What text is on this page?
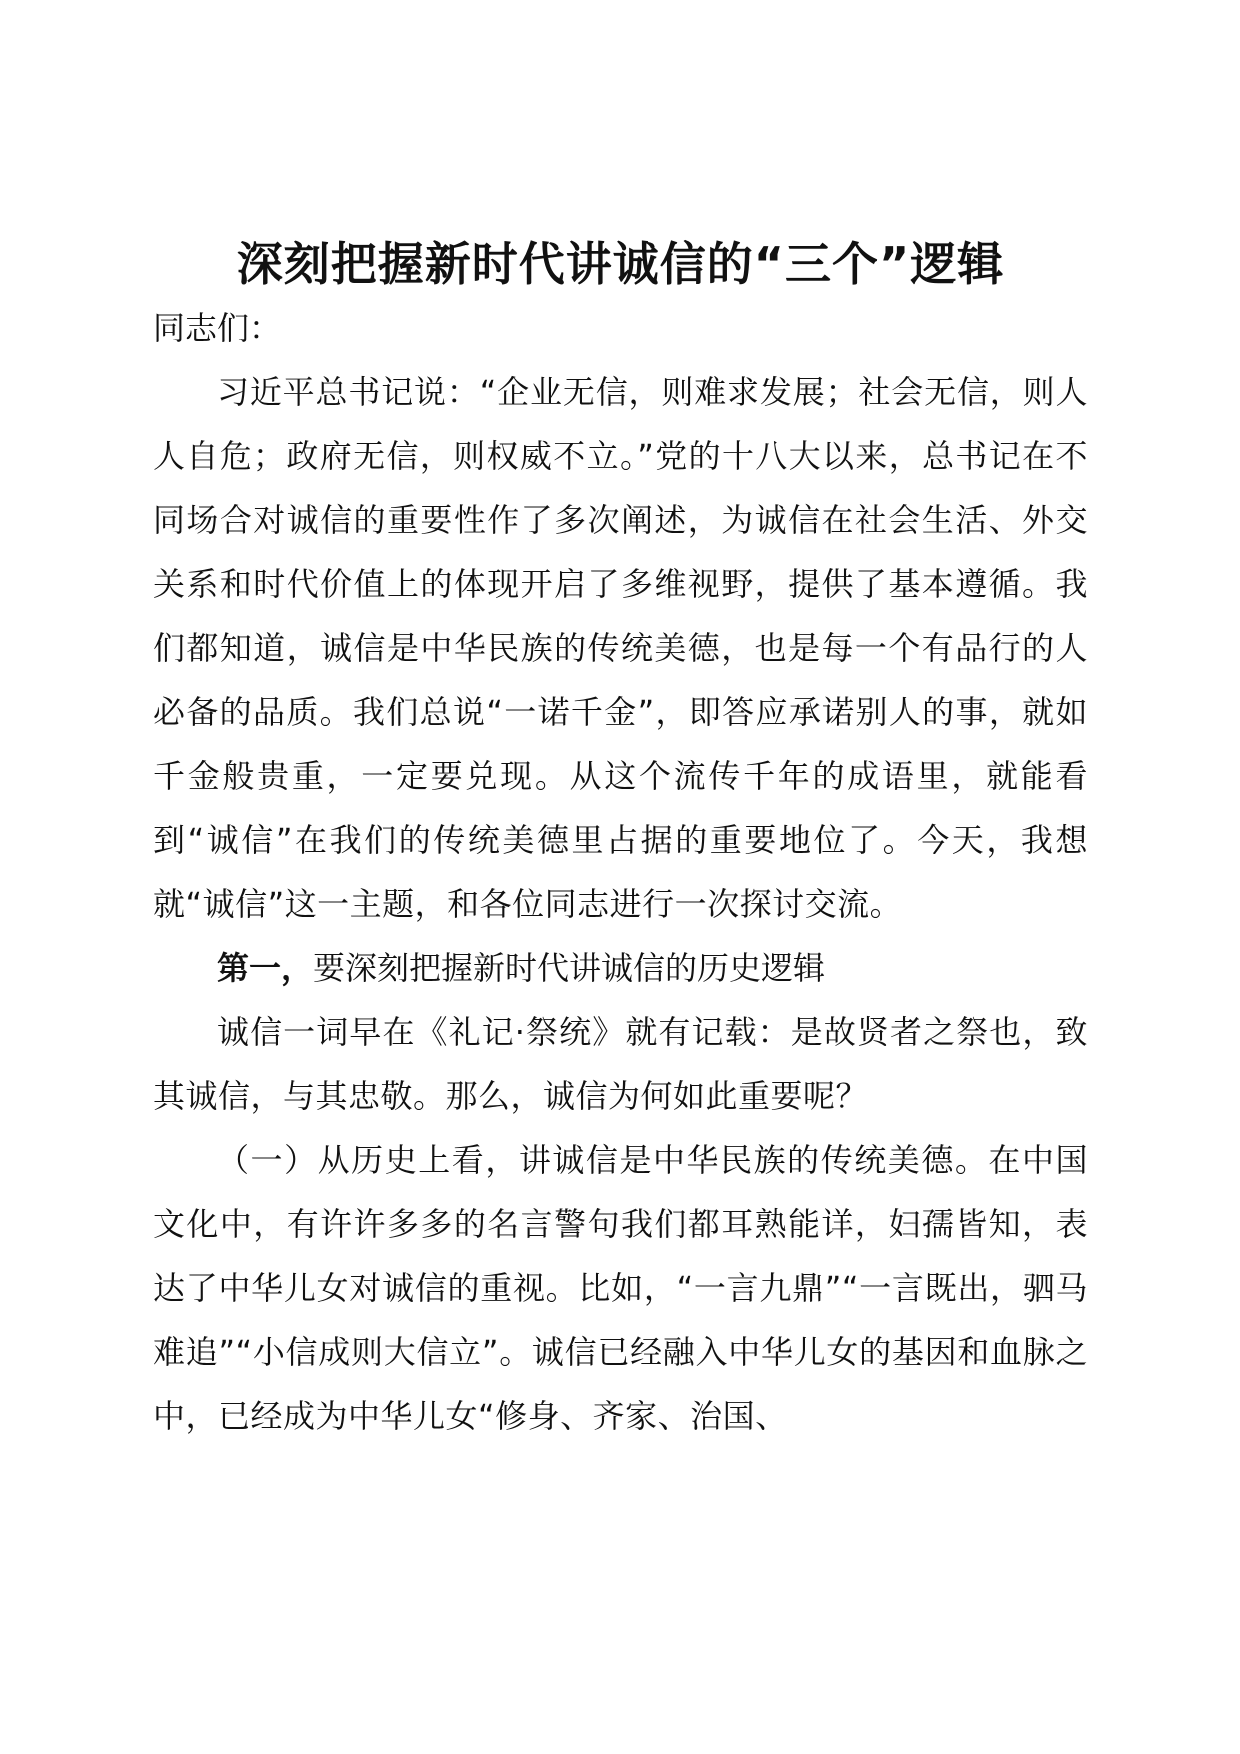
深刻把握新时代讲诚信的“三个”逻辑

同志们：

习近平总书记说：“企业无信，则难求发展；社会无信，则人人自危；政府无信，则权威不立。”党的十八大以来，总书记在不同场合对诚信的重要性作了多次阐述，为诚信在社会生活、外交关系和时代价值上的体现开启了多维视野，提供了基本遵循。我们都知道，诚信是中华民族的传统美德，也是每一个有品行的人必备的品质。我们总说“一诺千金”，即答应承诺别人的事，就如千金般贵重，一定要兑现。从这个流传千年的成语里，就能看到“诚信”在我们的传统美德里占据的重要地位了。今天，我想就“诚信”这一主题，和各位同志进行一次探讨交流。

第一，要深刻把握新时代讲诚信的历史逻辑

诚信一词早在《礼记·祭统》就有记载：是故贤者之祭也，致其诚信，与其忠敬。那么，诚信为何如此重要呢？

（一）从历史上看，讲诚信是中华民族的传统美德。在中国文化中，有许许多多的名言警句我们都耳熟能详，妇孺皆知，表达了中华儿女对诚信的重视。比如，“一言九鼎”“一言既出，驷马难追”“小信成则大信立”。诚信已经融入中华儿女的基因和血脉之中，已经成为中华儿女“修身、齐家、治国、
